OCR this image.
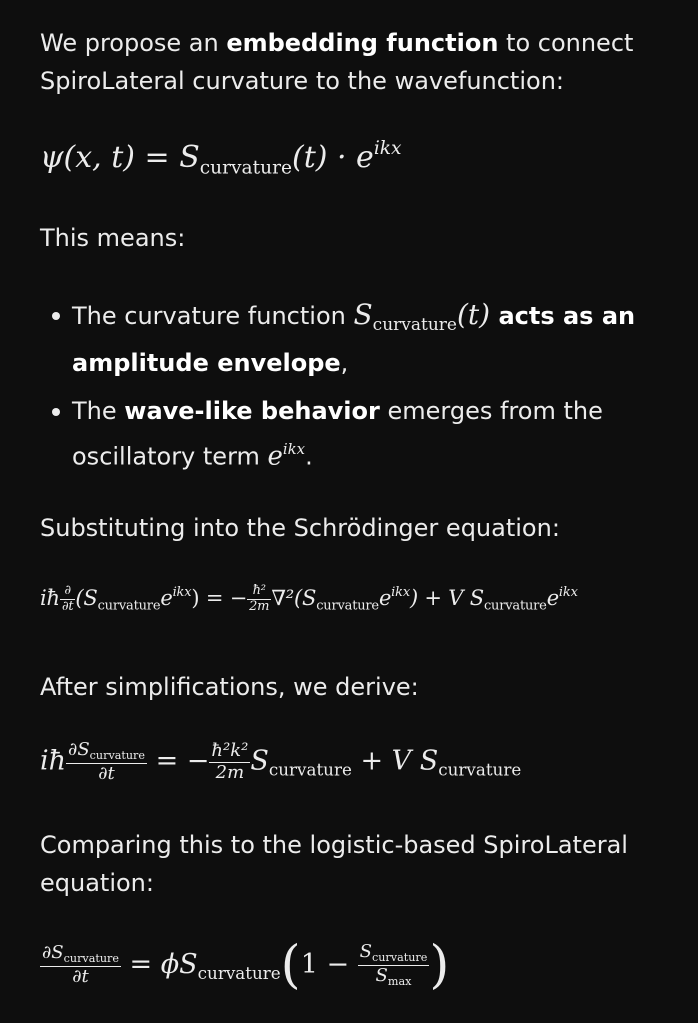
We propose an embedding function to connect SpiroLateral curvature to the wavefunction:

ψ(x, $t) = S_{curvature}(t) \cdot e^{ikx}$

This means:

The curvature function $S_{curvature}(t)$ acts as an amplitude envelope,

The wave-like behavior emerges from the oscillatory term $e^{ikx}$.

Substituting into the Schrödinger equation:

iħ $\frac{\partial}{\partial t} (S_{curvature}e^{ikx})$ = − $\frac{\text{ħ²}}{2m} \nabla^2(S_{curvature}e^{ikx}) + V$ $S_{curvature}e^{ikx}$

After simplifications, we derive:

iħ $\frac{\partial S_{curvature}}{\partial t}$ = − $\frac{\text{ħ²k²}}{2m} S_{curvature} + V$ $S_{curvature}$

Comparing this to the logistic-based SpiroLateral equation:

$\frac{\partial S_{curvature}}{\partial t} = \phi S_{curvature}(1 - \frac{S_{curvature}}{S_{max}}$ )
